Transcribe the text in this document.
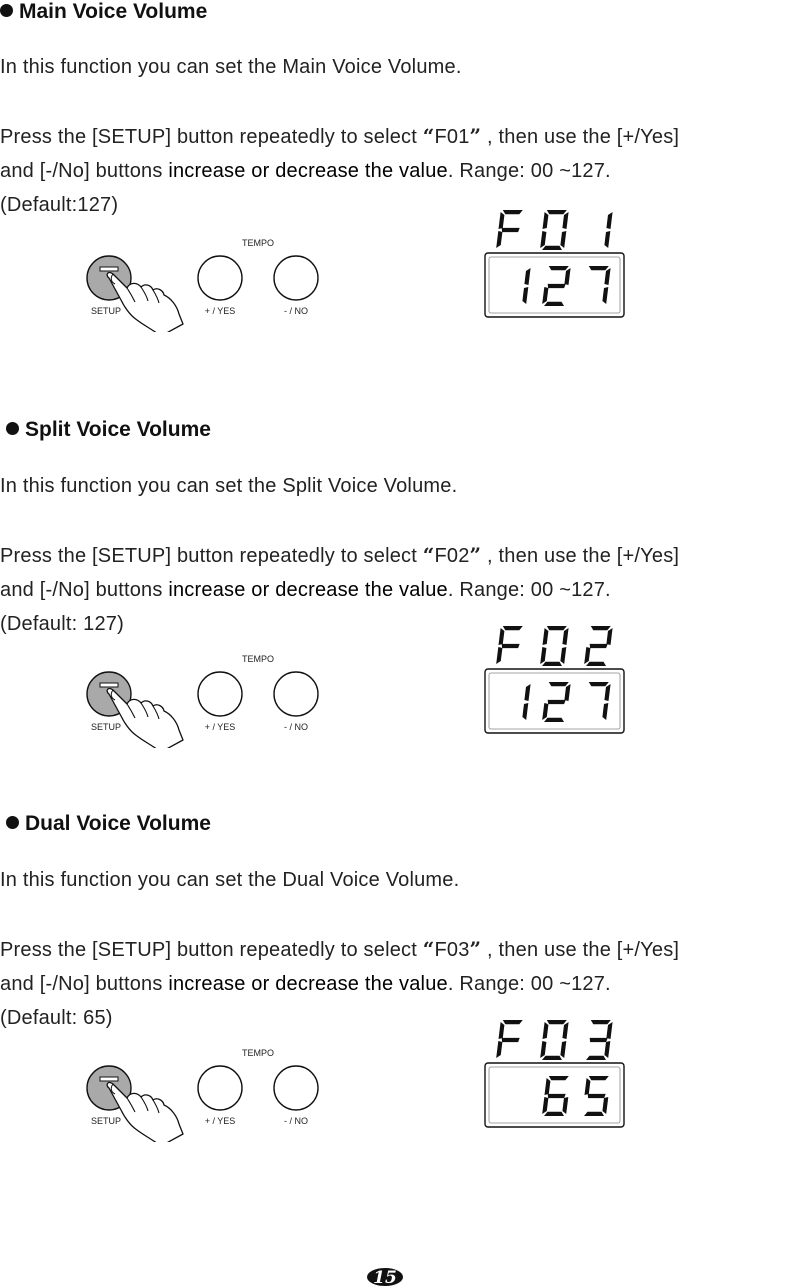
Main Voice Volume
In this function you can set the Main Voice Volume.
Press the [SETUP] button repeatedly to select “F01” , then use the [+/Yes]
and [-/No] buttons increase or decrease the value. Range: 00 ~127.
(Default:127)
TEMPO
SETUP	+ / YES	- / NO
Split Voice Volume
In this function you can set the Split Voice Volume.
Press the [SETUP] button repeatedly to select “F02” , then use the [+/Yes]
and [-/No] buttons increase or decrease the value. Range: 00 ~127.
(Default: 127)
TEMPO
SETUP	+ / YES	- / NO
Dual Voice Volume
In this function you can set the Dual Voice Volume.
Press the [SETUP] button repeatedly to select “F03” , then use the [+/Yes]
and [-/No] buttons increase or decrease the value. Range: 00 ~127.
(Default: 65)
TEMPO
SETUP	+ / YES	- / NO
15
